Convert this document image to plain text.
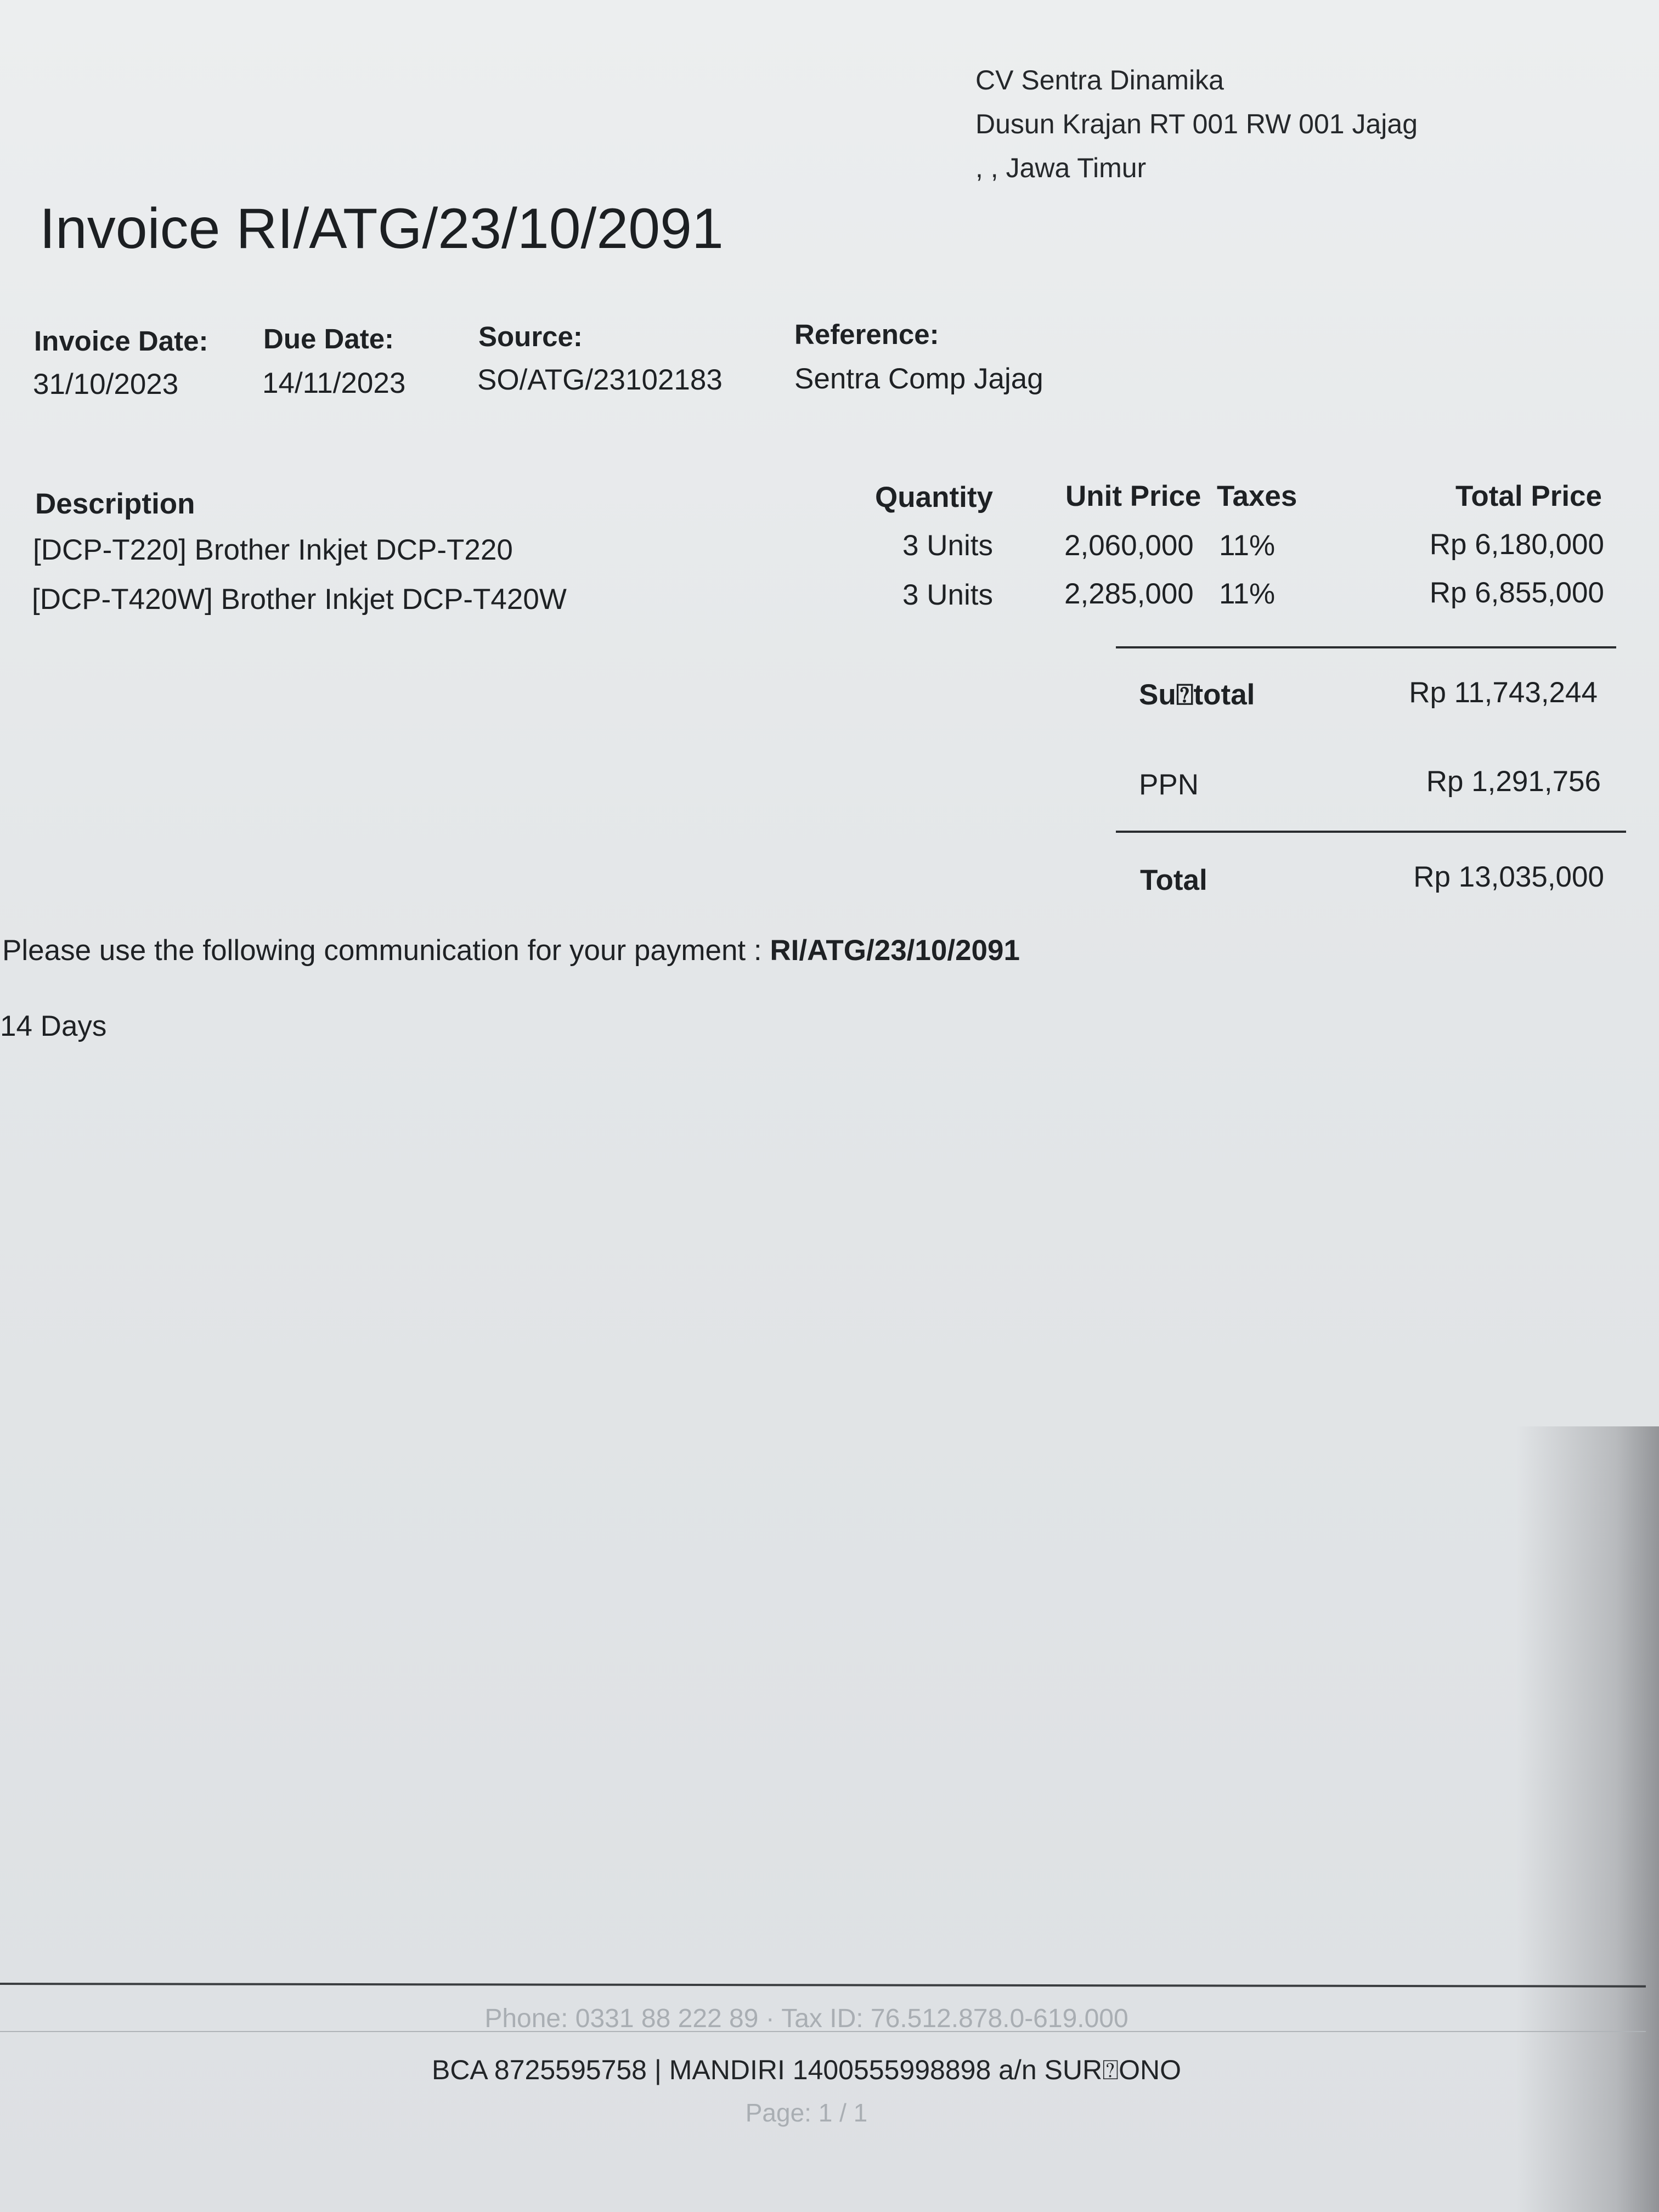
CV Sentra Dinamika
Dusun Krajan RT 001 RW 001 Jajag
, , Jawa Timur
Invoice RI/ATG/23/10/2091
Invoice Date:
31/10/2023
Due Date:
14/11/2023
Source:
SO/ATG/23102183
Reference:
Sentra Comp Jajag
Description	Quantity Unit Price Taxes	Total Price
[DCP-T220] Brother Inkjet DCP-T220	3 Units 2,060,000 11%	Rp 6,180,000
[DCP-T420W] Brother Inkjet DCP-T420W	3 Units 2,285,000 11%	Rp 6,855,000
Su⍰total	Rp 11,743,244
PPN	Rp 1,291,756
Total	Rp 13,035,000
Please use the following communication for your payment : RI/ATG/23/10/2091
14 Days
Phone: 0331 88 222 89 · Tax ID: 76.512.878.0-619.000
BCA 8725595758 | MANDIRI 1400555998898 a/n SUR⍰ONO
Page: 1 / 1
